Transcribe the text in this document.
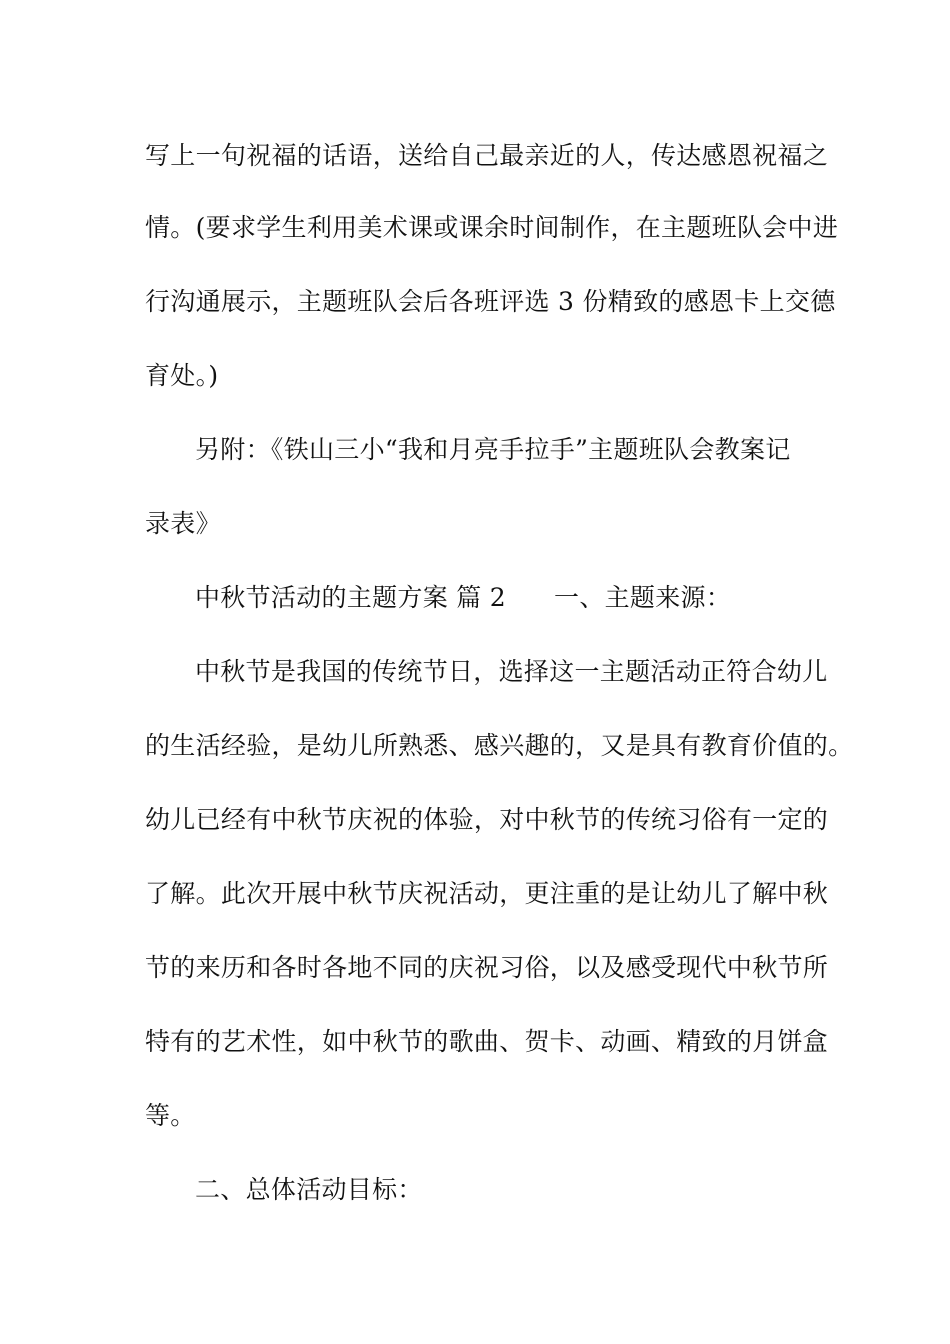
写上一句祝福的话语，送给自己最亲近的人，传达感恩祝福之
情。(要求学生利用美术课或课余时间制作，在主题班队会中进
行沟通展示，主题班队会后各班评选 3 份精致的感恩卡上交德
育处。)
另附：《铁山三小“我和月亮手拉手”主题班队会教案记
录表》
中秋节活动的主题方案 篇 2 一、主题来源：
中秋节是我国的传统节日，选择这一主题活动正符合幼儿
的生活经验，是幼儿所熟悉、感兴趣的，又是具有教育价值的。
幼儿已经有中秋节庆祝的体验，对中秋节的传统习俗有一定的
了解。此次开展中秋节庆祝活动，更注重的是让幼儿了解中秋
节的来历和各时各地不同的庆祝习俗，以及感受现代中秋节所
特有的艺术性，如中秋节的歌曲、贺卡、动画、精致的月饼盒
等。
二、总体活动目标：
